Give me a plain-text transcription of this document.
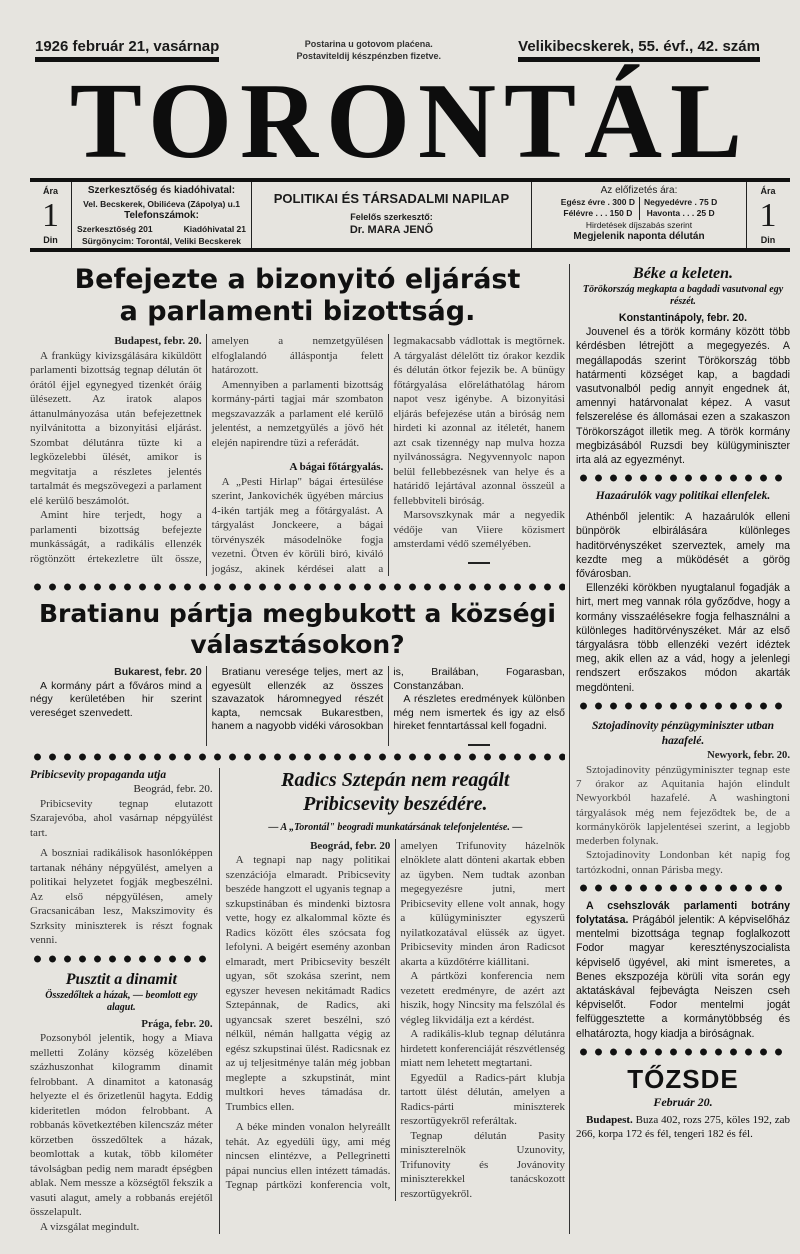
1926 február 21, vasárnap	Postarina u gotovom plaćena.
Postaviteldij készpénzben fizetve.
Velikibecskerek, 55. évf., 42. szám
TORONTÁL
Ára
1
Din
Szerkesztőség és kiadóhivatal:
Vel. Becskerek, Obilićeva (Zápolya) u.1
Telefonszámok:
Szerkesztőség 201	Kiadóhivatal 21
Sürgönycim: Torontál, Veliki Becskerek
POLITIKAI ÉS TÁRSADALMI NAPILAP
Felelős szerkesztő:
Dr. MARA JENŐ
Az előfizetés ára:
Egész évre . 300 D
Félévre . . . 150 D
Negyedévre . 75 D
Havonta . . . 25 D
Hirdetések díjszabás szerint
Megjelenik naponta délután
Ára
1
Din
Befejezte a bizonyitó eljárást
a parlamenti bizottság.

Budapest, febr. 20.

A frankügy kivizsgálására kiküldött parlamenti bizottság tegnap délután öt órától éjjel egynegyed tizenkét óráig ülésezett. Az iratok alapos áttanulmányozása után befejezettnek nyilvánitotta a bizonyitási eljárást. Szombat délutánra tüzte ki a legközelebbi ülését, amikor is megvitatja a részletes jelentés tartalmát és megszövegezi a parlament elé kerülő beszámolót.

Amint hire terjedt, hogy a parlamenti bizottság befejezte munkásságát, a radikális ellenzék rögtönzött értekezletre ült össze, amelyen a nemzetgyülésen elfoglalandó álláspontja felett határozott.

Amennyiben a parlamenti bizottság kormány-párti tagjai már szombaton megszavazzák a parlament elé kerülő jelentést, a nemzetgyülés a jövő hét elején napirendre tüzi a referádát.

A bágai főtárgyalás.

A „Pesti Hirlap" bágai értesülése szerint, Jankovichék ügyében március 4-ikén tartják meg a főtárgyalást. A tárgyalást Jonckeere, a bágai törvényszék másodelnöke fogja vezetni. Ötven év körüli biró, kiváló jogász, akinek kérdései alatt a legmakacsabb vádlottak is megtörnek. A tárgyalást délelőtt tiz órakor kezdik és délután ötkor fejezik be. A bünügy főtárgyalása előreláthatólag három napot vesz igénybe. A bizonyitási eljárás befejezése után a biróság nem hirdeti ki azonnal az itéletét, hanem azt csak tizennégy nap mulva hozza nyilvánosságra. Negyvennyolc napon belül fellebbezésnek van helye és a határidő lejártával azonnal összeül a fellebbviteli biróság.

Marsovszkynak már a negyedik védője van Viiere közismert amsterdami védő személyében.

Bratianu pártja megbukott a községi
választásokon?

Bukarest, febr. 20

A kormány párt a főváros mind a négy kerületében hir szerint vereséget szenvedett.

Bratianu veresége teljes, mert az egyesült ellenzék az összes szavazatok háromnegyed részét kapta, nemcsak Bukarestben, hanem a nagyobb vidéki városokban is, Brailában, Fogarasban, Constanzában.

A részletes eredmények különben még nem ismertek és igy az első hireket fenntartással kell fogadni.

Pribicsevity propaganda utja

Beográd, febr. 20.

Pribicsevity tegnap elutazott Szarajevóba, ahol vasárnap népgyülést tart.

A boszniai radikálisok hasonlóképpen tartanak néhány népgyülést, amelyen a politikai helyzetet fogják megbeszélni. Az első népgyülésen, amely Gracsanicában lesz, Makszimovity és Szrksity miniszterek is részt fognak venni.

Pusztit a dinamit

Összedőltek a házak, — beomlott egy alagut.

Prága, febr. 20.

Pozsonyból jelentik, hogy a Miava melletti Zolány község közelében százhuszonhat kilogramm dinamit felrobbant. A dinamitot a katonaság helyezte el és őrizetlenül hagyta. Eddig kideritetlen módon felrobbant. A robbanás következtében kilencszáz méter körzetben összedőltek a házak, beomlottak a kutak, több kilométer távolságban pedig nem maradt épségben ablak. Nem messze a községtől fekszik a vasuti alagut, amely a robbanás erejétől összelapult.

A vizsgálat megindult.

Radics Sztepán nem reagált
Pribicsevity beszédére.
— A „Torontál" beogradi munkatársának telefonjelentése. —

Beográd, febr. 20

A tegnapi nap nagy politikai szenzációja elmaradt. Pribicsevity beszéde hangzott el ugyanis tegnap a szkupstinában és mindenki biztosra vette, hogy ez alkalommal közte és Radics között éles szócsata fog lefolyni. A beigért esemény azonban elmaradt, mert Pribicsevity beszélt ugyan, sőt szokása szerint, nem egyszer hevesen nekitámadt Radics Sztepánnak, de Radics, aki ugyancsak szeret beszélni, szó nélkül, némán hallgatta végig az egész szkupstinai ülést. Radicsnak ez az uj teljesitménye talán még jobban meglepte a szkupstinát, mint multkori heves támadása dr. Trumbics ellen.

A béke minden vonalon helyreállt tehát. Az egyedüli ügy, ami még nincsen elintézve, a Pellegrinetti pápai nuncius ellen intézett támadás. Tegnap pártközi konferencia volt, amelyen Trifunovity házelnök elnöklete alatt dönteni akartak ebben az ügyben. Nem tudtak azonban megegyezésre jutni, mert Pribicsevity ellene volt annak, hogy a külügyminiszter egyszerü nyilatkozatával elüssék az ügyet. Pribicsevity minden áron Radicsot akarta a küzdőtérre kiállitani.

A pártközi konferencia nem vezetett eredményre, de azért azt hiszik, hogy Nincsity ma felszólal és végleg likvidálja ezt a kérdést.

A radikális-klub tegnap délutánra hirdetett konferenciáját részvétlenség miatt nem lehetett megtartani.

Egyedül a Radics-párt klubja tartott ülést délután, amelyen a Radics-párti miniszterek reszortügyekről referáltak.

Tegnap délután Pasity miniszterelnök Uzunovity, Trifunovity és Jovánovity miniszterekkel tanácskozott reszortügyekről.

Béke a keleten.

Törökország megkapta a bagdadi vasutvonal egy részét.

Konstantinápoly, febr. 20.

Jouvenel és a török kormány között több kérdésben létrejött a megegyezés. A megállapodás szerint Törökország több határmenti községet kap, a bagdadi vasutvonalból pedig annyit engednek át, amennyi határvonalat képez. A vasut felszerelése és állomásai ezen a szakaszon Törökországot illetik meg. A török kormány megbizásából Ruzsdi bey külügyminiszter irta alá az egyezményt.

Hazaárulók vagy politikai ellenfelek.

Athénből jelentik: A hazaárulók elleni bünpörök elbirálására különleges haditörvényszéket szerveztek, amely ma kezdte meg a müködését a görög fővárosban.

Ellenzéki körökben nyugtalanul fogadják a hirt, mert meg vannak róla győződve, hogy a kormány visszaélésekre fogja felhasználni a különleges haditörvényszéket. Már az első tárgyalásra több ellenzéki vezért idéztek meg, akik ellen az a vád, hogy a jelenlegi rendszert erőszakos módon akarták megdönteni.

Sztojadinovity pénzügyminiszter utban hazafelé.

Newyork, febr. 20.

Sztojadinovity pénzügyminiszter tegnap este 7 órakor az Aquitania hajón elindult Newyorkból hazafelé. A washingtoni tárgyalások még nem fejeződtek be, de a kormánykörök lapjelentései szerint, a legjobb mederben folynak.

Sztojadinovity Londonban két napig fog tartózkodni, onnan Párisba megy.

A csehszlovák parlamenti botrány folytatása. Prágából jelentik: A képviselőház mentelmi bizottsága tegnap foglalkozott Fodor magyar keresztényszocialista képviselő ügyével, aki mint ismeretes, a Benes ekszpozéja körüli vita során egy aktatáskával fejbevágta Neiszen cseh képviselőt. Fodor mentelmi jogát felfüggesztette a kormánytöbbség és elhatározta, hogy kiadja a biróságnak.

TŐZSDE

Február 20.

Budapest. Buza 402, rozs 275, köles 192, zab 266, korpa 172 és fél, tengeri 182 és fél.
